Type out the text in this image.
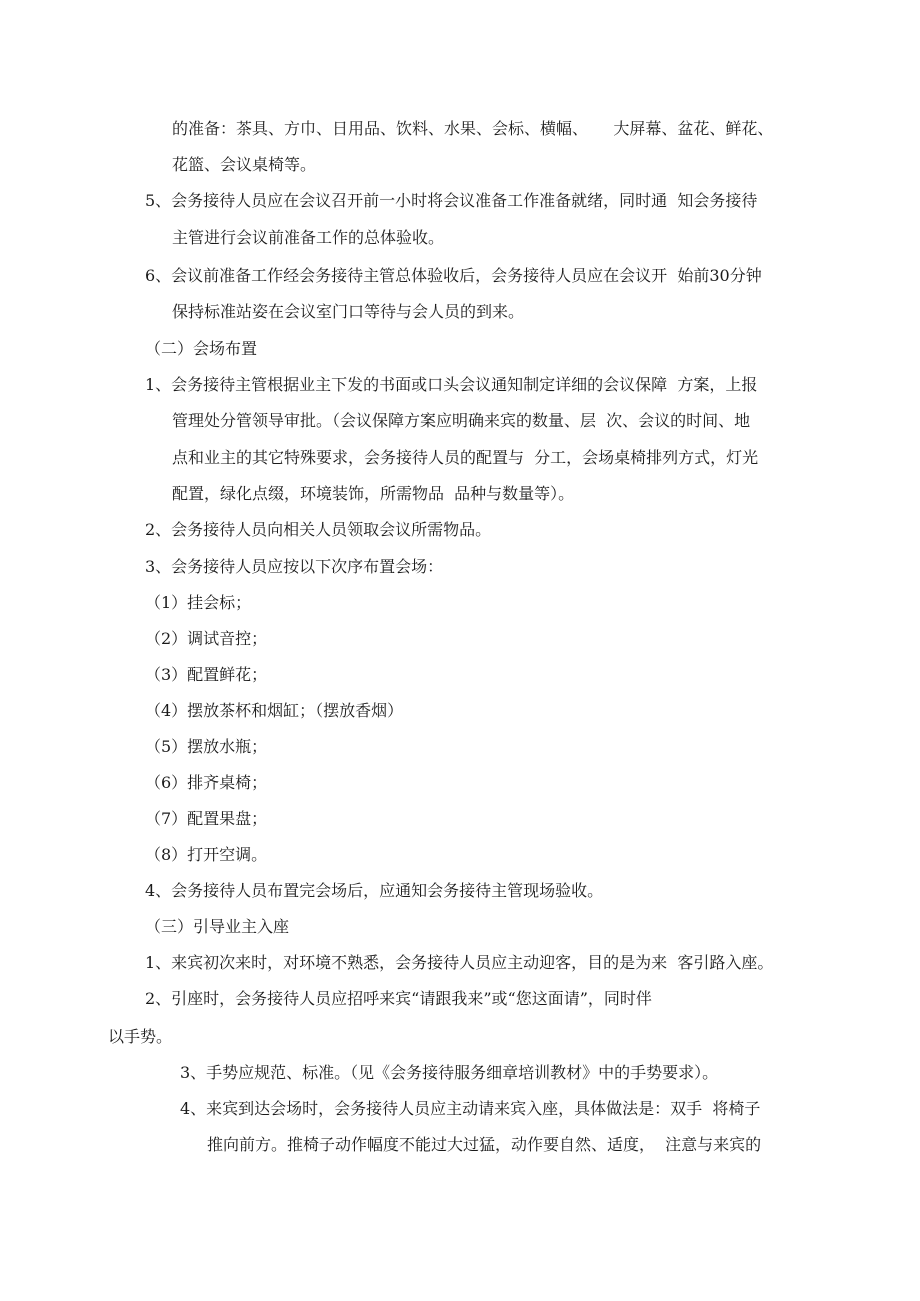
的准备：茶具、方巾、日用品、饮料、水果、会标、横幅、     大屏幕、盆花、鲜花、
花篮、会议桌椅等。
5、会务接待人员应在会议召开前一小时将会议准备工作准备就绪，同时通  知会务接待
主管进行会议前准备工作的总体验收。
6、会议前准备工作经会务接待主管总体验收后，会务接待人员应在会议开  始前30分钟
保持标准站姿在会议室门口等待与会人员的到来。
（二）会场布置
1、会务接待主管根据业主下发的书面或口头会议通知制定详细的会议保障  方案，上报
管理处分管领导审批。（会议保障方案应明确来宾的数量、层  次、会议的时间、地
点和业主的其它特殊要求，会务接待人员的配置与  分工，会场桌椅排列方式，灯光
配置，绿化点缀，环境装饰，所需物品  品种与数量等）。
2、会务接待人员向相关人员领取会议所需物品。
3、会务接待人员应按以下次序布置会场：
（1）挂会标；
（2）调试音控；
（3）配置鲜花；
（4）摆放茶杯和烟缸；（摆放香烟）
（5）摆放水瓶；
（6）排齐桌椅；
（7）配置果盘；
（8）打开空调。
4、会务接待人员布置完会场后，应通知会务接待主管现场验收。
（三）引导业主入座
1、来宾初次来时，对环境不熟悉，会务接待人员应主动迎客，目的是为来  客引路入座。
2、引座时，会务接待人员应招呼来宾“请跟我来”或“您这面请”，同时伴
以手势。
3、手势应规范、标准。（见《会务接待服务细章培训教材》中的手势要求）。
4、来宾到达会场时，会务接待人员应主动请来宾入座，具体做法是：双手  将椅子
推向前方。推椅子动作幅度不能过大过猛，动作要自然、适度，  注意与来宾的
